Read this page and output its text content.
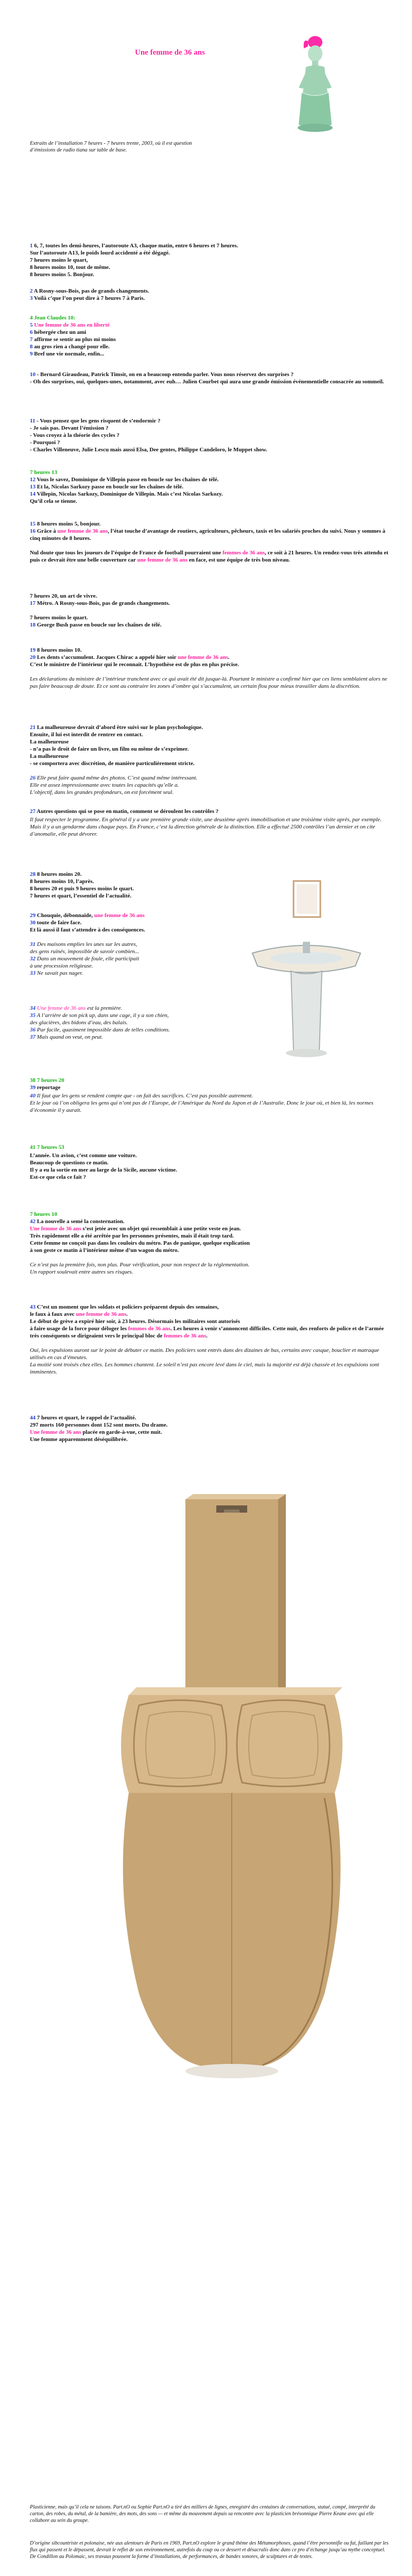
Une femme de 36 ans
Extraits de l’installation 7 heures - 7 heures trente, 2003, où il est question d’émissions de radio tiana sur table de base.

1 6, 7, toutes les demi-heures, l’autoroute A3, chaque matin, entre 6 heures et 7 heures.
Sur l’autoroute A13, le poids lourd accidenté a été dégagé.
7 heures moins le quart,
8 heures moins 10, tout de même.
8 heures moins 5. Bonjour.

2 A Rosny-sous-Bois, pas de grands changements.
3 Voilà c’que l’on peut dire à 7 heures 7 à Paris.

4 Jean Claudes 10:
5 Une femme de 36 ans en liberté
6 hébergée chez un ami
7 affirme se sentir au plus mi moins
8 au gros rien a changé pour elle.
9 Bref une vie normale, enfin...

10 - Bernard Giraudeau, Patrick Timsit, on en a beaucoup entendu parler. Vous nous réservez des surprises ?
- Oh des surprises, oui, quelques-unes, notamment, avec euh… Julien Courbet qui aura une grande émission événementielle consacrée au sommeil.

11 - Vous pensez que les gens risquent de s’endormir ?
- Je sais pas. Devant l’émission ?
- Vous croyez à la théorie des cycles ?
- Pourquoi ?
- Charles Villeneuve, Julie Lescu mais aussi Elsa, Dee gentes, Philippe Candeloro, le Muppet show.

7 heures 13
12 Vous le savez, Dominique de Villepin passe en boucle sur les chaînes de télé.
13 Et la, Nicolas Sarkozy passe en boucle sur les chaînes de télé.
14 Villepin, Nicolas Sarkozy, Dominique de Villepin. Mais c’est Nicolas Sarkozy.
Qu’il cela se tienne.

15 8 heures moins 5, bonjour.
16 Grâce à une femme de 36 ans, l’état touche d’avantage de routiers, agriculteurs, pêcheurs, taxis et les salariés proches du suivi. Nous y sommes à cinq minutes de 8 heures.

Nul doute que tous les joueurs de l’équipe de France de football pourraient une femmes de 36 ans, ce soit à 21 heures. Un rendez-vous très attendu et puis ce devrait être une belle couverture car une femme de 36 ans en face, est une équipe de très bon niveau.

7 heures 20, un art de vivre.
17 Métro. A Rosny-sous-Bois, pas de grands changements.

7 heures moins le quart.
18 George Bush passe en boucle sur les chaînes de télé.

19 8 heures moins 10.
20 Les dents s’accumulent. Jacques Chirac a appelé hier soir une femme de 36 ans.
C’est le ministre de l’intérieur qui le reconnait. L’hypothèse est de plus en plus précise.

Les déclarations du ministre de l’intérieur tranchent avec ce qui avait été dit jusque-là. Pourtant le ministre a confirmé hier que ces liens semblaient alors ne pas faire beaucoup de doute. Et ce sont au contraire les zones d’ombre qui s’accumulent, un certain flou pour mieux travailler dans la discrétion.

21 La malheureuse devrait d’abord être suivi sur le plan psychologique.
Ensuite, il lui est interdit de rentrer en contact.
La malheureuse
- n’a pas le droit de faire un livre, un film ou même de s’exprimer.
La malheureuse
- se comportera avec discrétion, de manière particulièrement stricte.

26 Elle peut faire quand même des photos. C’est quand même intéressant.
Elle est assez impressionnante avec toutes les capacités qu’elle a.
L’objectif, dans les grandes profondeurs, on est forcément seul.

27 Autres questions qui se pose en matin, comment se déroulent les contrôles ?

Il faut respecter le programme. En général il y a une première grande visite, une deuxième après immobilisation et une troisième visite après, par exemple.
Mais il y a un gendarme dans chaque pays. En France, c’est la direction générale de la distinction. Elle a effectué 2500 contrôles l’an dernier et on cite d’anomalie, elle peut dévorer.

28 8 heures moins 20.
8 heures moins 10, l’après.
8 heures 20 et puis 9 heures moins le quart.
7 heures et quart, l’essentiel de l’actualité.

29 Chouquie, débonnaide, une femme de 36 ans
30 toute de faire face.
Et là aussi il faut s’attendre à des conséquences.

31 Des maisons emplies les unes sur les autres,
des gens ruinés, impossible de savoir combien...
32 Dans un mouvement de foule, elle participait
à une procession religieuse.
33 Ne savait pas nager.

34 Une femme de 36 ans est la première.
35 A l’arrière de son pick up, dans une cage, il y a son chien,
des glacières, des bidons d’eau, des balais.
36 Par facile, quasiment impossible dans de telles conditions.
37 Mais quand on veut, on peut.

38 7 heures 20
39 reportage

40 Il faut que les gens se rendent compte que - on fait des sacrifices. C’est pas possible autrement.
Et le jour où l’on obligera les gens qui n’ont pas de l’Europe, de l’Amérique du Nord du Japon et de l’Australie. Donc le jour où, et bien là, les normes d’économie il y aurait.

41 7 heures 53

L’année. Un avion, c’est comme une voiture.
Beaucoup de questions ce matin.
Il y a eu la sortie en mer au large de la Sicile, aucune victime.
Est-ce que cela ce fait ?

7 heures 10
42 La nouvelle a semé la consternation.
Une femme de 36 ans s’est jetée avec un objet qui ressemblait à une petite veste en jean.
Très rapidement elle a été arrêtée par les personnes présentes, mais il était trop tard.
Cette femme ne conçoit pas dans les couloirs du métro. Pas de panique, quelque explication
à son geste ce matin à l’intérieur même d’un wagon du métro.

Ce n’est pas la première fois, non plus. Pour vérification, pour non respect de la réglementation.
Un rapport soulevait entre autres ses risques.

43 C’est un moment que les soldats et policiers préparent depuis des semaines,
le faux à faux avec une femme de 36 ans.
Le début de grève a expiré hier soir, à 23 heures. Désormais les militaires sont autorisés
à faire usage de la force pour déloger les femmes de 36 ans. Les heures à venir s’annoncent difficiles. Cette nuit, des renforts de police et de l’armée très conséquents se dirigeaient vers le principal bloc de femmes de 36 ans.

Oui, les expulsions auront sur le point de débuter ce matin. Des policiers sont entrés dans des dizaines de bus, certains avec casque, bouclier et matraque utilisés en cas d’émeutes.
La moitié sont troisés chez elles. Les hommes chantent. Le soleil n’est pas encore levé dans le ciel, mais la majorité est déjà chassée et les expulsions sont imminentes.

44 7 heures et quart, le rappel de l’actualité.
297 morts 160 personnes dont 152 sont morts. Du drame.
Une femme de 36 ans placée en garde-à-vue, cette nuit.
Une femme apparemment déséquilibrée.

Plasticienne, mais qu’il cela ne taisons. Part.nO ou Sophie Part.nO a tiré des milliers de lignes, enregistré des centaines de conversations, statué, compé, interprété du carton, des robes, du métal, de la bamière, des mots, des sons — et même du mouvement depuis sa rencontre avec la plasticien brésonnique Pierre Keane avec qui elle collabore au sein du groupe.
D’origine sibcountriste et polonaise, née aux alentours de Paris en 1969, Part.nO explore le grand thème des Métamorphoses, quand l’être personnifie ou fut, faillant par les flux qui passent et le dépassent, devrait le reflet de son environnement, autrefois du coup ou ce dessert et désacralis donc dans ce pro d’échange jusqu’au mythe conceptuel. De Condillon au Polomaic, ses travaux poussent la forme d’installations, de performances, de bandes sonores, de sculptures et de textes.
